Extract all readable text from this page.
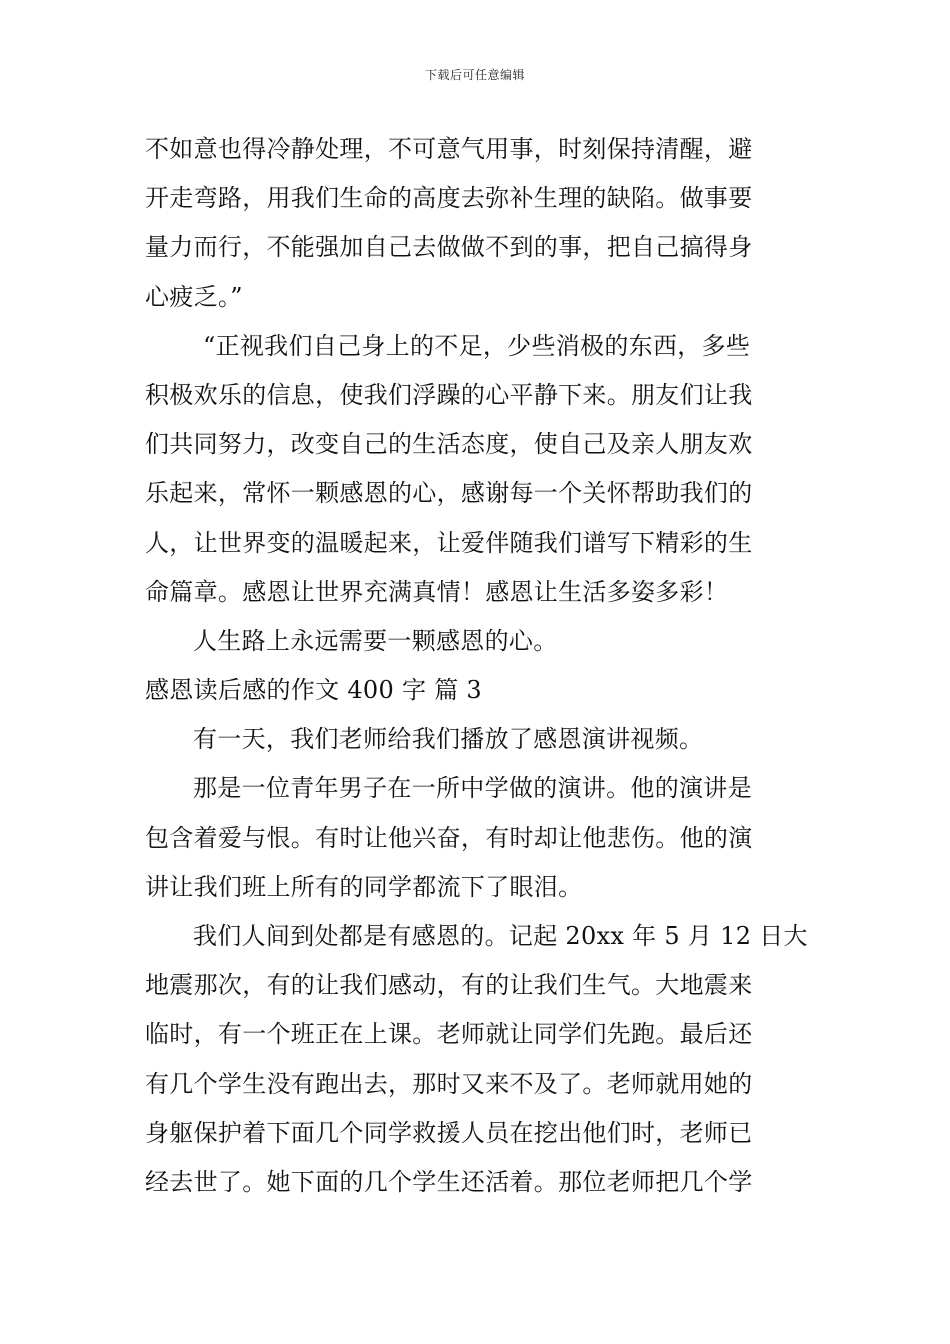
下载后可任意编辑
不如意也得冷静处理，不可意气用事，时刻保持清醒，避
开走弯路，用我们生命的高度去弥补生理的缺陷。做事要
量力而行，不能强加自己去做做不到的事，把自己搞得身
心疲乏。”
“正视我们自己身上的不足，少些消极的东西，多些
积极欢乐的信息，使我们浮躁的心平静下来。朋友们让我
们共同努力，改变自己的生活态度，使自己及亲人朋友欢
乐起来，常怀一颗感恩的心，感谢每一个关怀帮助我们的
人，让世界变的温暖起来，让爱伴随我们谱写下精彩的生
命篇章。感恩让世界充满真情！感恩让生活多姿多彩！
人生路上永远需要一颗感恩的心。
感恩读后感的作文 400 字 篇 3
有一天，我们老师给我们播放了感恩演讲视频。
那是一位青年男子在一所中学做的演讲。他的演讲是
包含着爱与恨。有时让他兴奋，有时却让他悲伤。他的演
讲让我们班上所有的同学都流下了眼泪。
我们人间到处都是有感恩的。记起 20xx 年 5 月 12 日大
地震那次，有的让我们感动，有的让我们生气。大地震来
临时，有一个班正在上课。老师就让同学们先跑。最后还
有几个学生没有跑出去，那时又来不及了。老师就用她的
身躯保护着下面几个同学救援人员在挖出他们时，老师已
经去世了。她下面的几个学生还活着。那位老师把几个学
